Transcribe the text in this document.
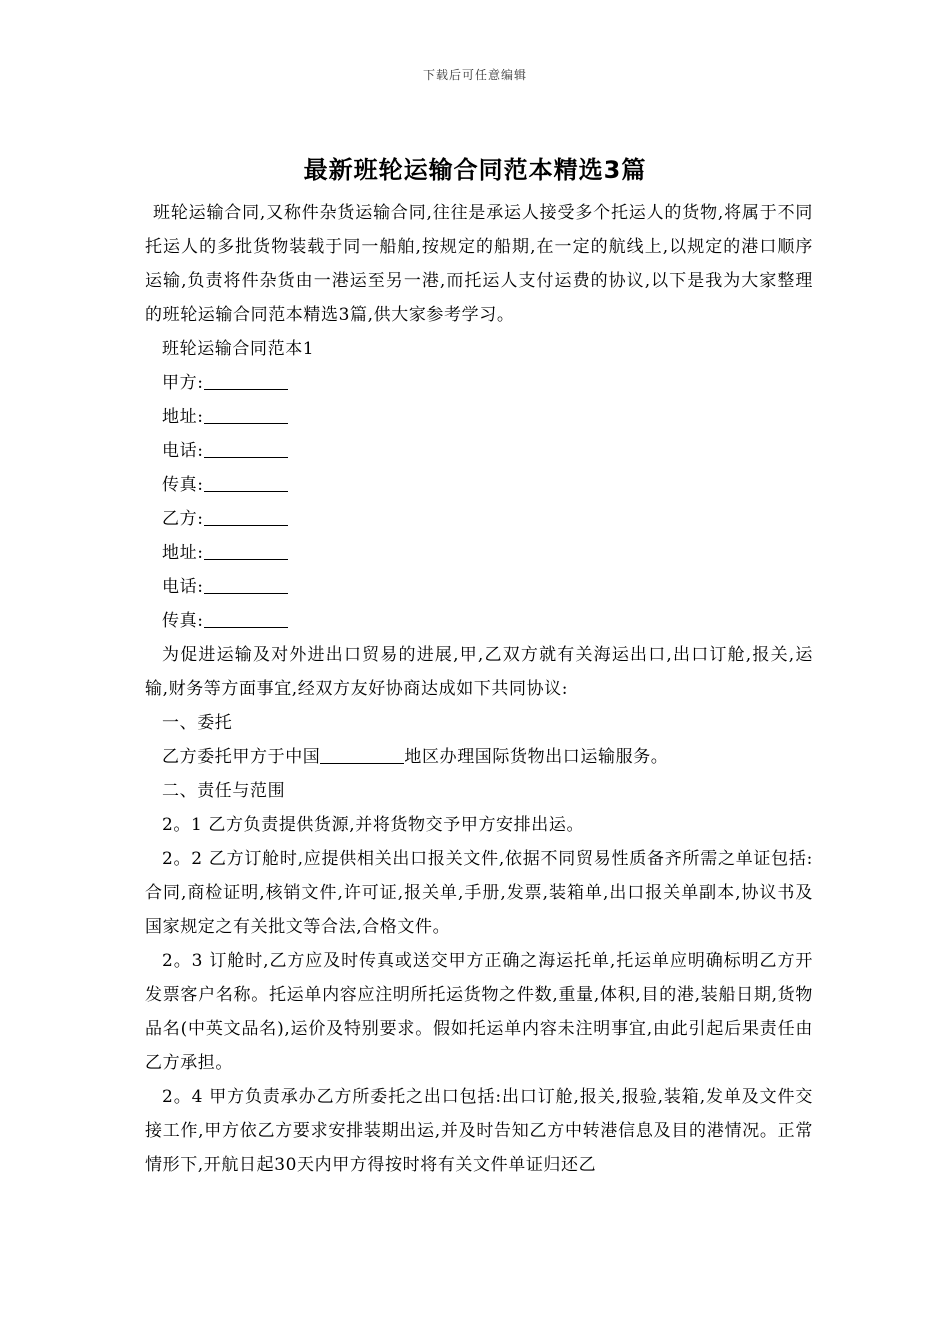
下载后可任意编辑
最新班轮运输合同范本精选3篇

班轮运输合同,又称件杂货运输合同,往往是承运人接受多个托运人的货物,将属于不同托运人的多批货物装载于同一船舶,按规定的船期,在一定的航线上,以规定的港口顺序运输,负责将件杂货由一港运至另一港,而托运人支付运费的协议,以下是我为大家整理的班轮运输合同范本精选3篇,供大家参考学习。

班轮运输合同范本1

甲方:

地址:

电话:

传真:

乙方:

地址:

电话:

传真:

为促进运输及对外进出口贸易的进展,甲,乙双方就有关海运出口,出口订舱,报关,运输,财务等方面事宜,经双方友好协商达成如下共同协议:

一、委托

乙方委托甲方于中国	地区办理国际货物出口运输服务。

二、责任与范围

2。1 乙方负责提供货源,并将货物交予甲方安排出运。

2。2 乙方订舱时,应提供相关出口报关文件,依据不同贸易性质备齐所需之单证包括:合同,商检证明,核销文件,许可证,报关单,手册,发票,装箱单,出口报关单副本,协议书及国家规定之有关批文等合法,合格文件。

2。3 订舱时,乙方应及时传真或送交甲方正确之海运托单,托运单应明确标明乙方开发票客户名称。托运单内容应注明所托运货物之件数,重量,体积,目的港,装船日期,货物品名(中英文品名),运价及特别要求。假如托运单内容未注明事宜,由此引起后果责任由乙方承担。

2。4 甲方负责承办乙方所委托之出口包括:出口订舱,报关,报验,装箱,发单及文件交接工作,甲方依乙方要求安排装期出运,并及时告知乙方中转港信息及目的港情况。正常情形下,开航日起30天内甲方得按时将有关文件单证归还乙
